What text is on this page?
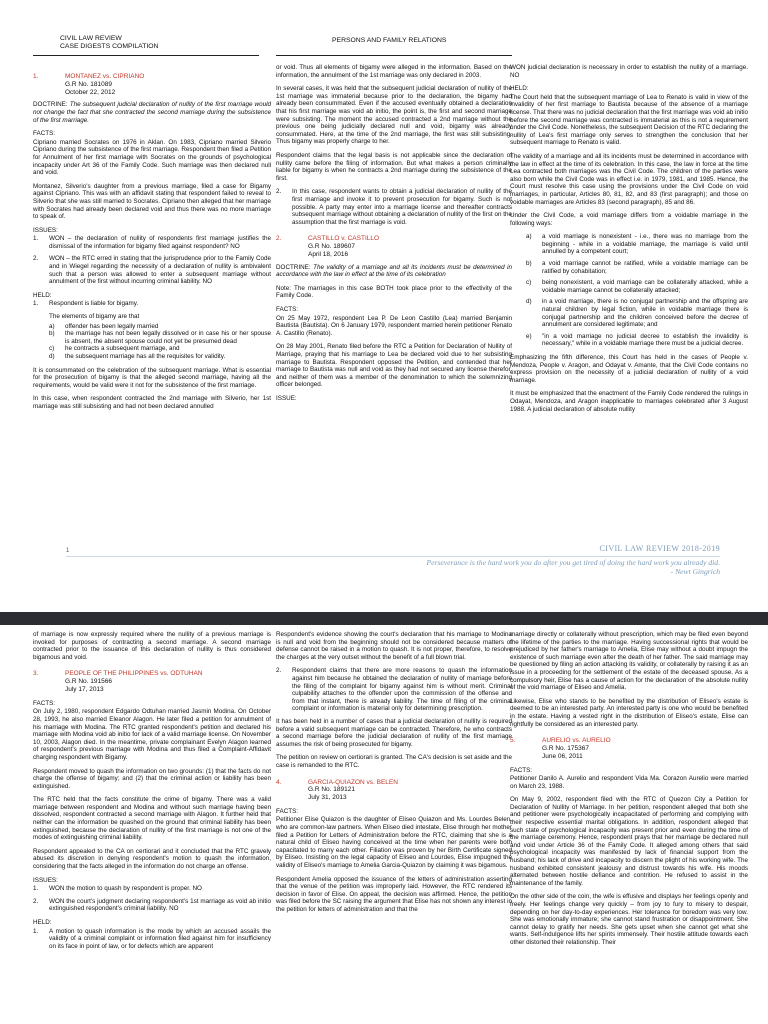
CIVIL LAW REVIEW
CASE DIGESTS COMPILATION
PERSONS AND FAMILY RELATIONS
1.	MONTANEZ vs. CIPRIANO
G.R No. 181089
October 22, 2012
DOCTRINE: The subsequent judicial declaration of nullity of the first marriage would not change the fact that she contracted the second marriage during the subsistence of the first marriage.
FACTS:

Cipriano married Socrates on 1976 in Aklan. On 1983, Cipriano married Silverio Cipriano during the subsistence of the first marriage. Respondent then filed a Petition for Annulment of her first marriage with Socrates on the grounds of psychological incapacity under Art 36 of the Family Code. Such marriage was then declared null and void.

Montanez, Silverio's daughter from a previous marriage, filed a case for Bigamy against Cipriano. This was with an affidavit stating that respondent failed to reveal to Silverio that she was still married to Socrates. Cipriano then alleged that her marriage with Socrates had already been declared void and thus there was no more marriage to speak of.

ISSUES:
1.	WON – the declaration of nullity of respondents first marriage justifies the dismissal of the information for bigamy filed against respondent? NO
2.	WON – the RTC erred in stating that the jurisprudence prior to the Family Code and in Wiegel regarding the necessity of a declaration of nullity is ambivalent such that a person was allowed to enter a subsequent marriage without annulment of the first without incurring criminal liability. NO
HELD:
1.	Respondent is liable for bigamy.
The elements of bigamy are that
a)	offender has been legally married
b)	the marriage has not been legally dissolved or in case his or her spouse is absent, the absent spouse could not yet be presumed dead
c)	he contracts a subsequent marriage, and
d)	the subsequent marriage has all the requisites for validity.

It is consummated on the celebration of the subsequent marriage. What is essential for the prosecution of bigamy is that the alleged second marriage, having all the requirements, would be valid were it not for the subsistence of the first marriage.

In this case, when respondent contracted the 2nd marriage with Silverio, her 1st marriage was still subsisting and had not been declared annulled

or void. Thus all elements of bigamy were alleged in the information. Based on the information, the annulment of the 1st marriage was only declared in 2003.

In several cases, it was held that the subsequent judicial declaration of nullity of the 1st marriage was immaterial because prior to the declaration, the bigamy had already been consummated. Even if the accused eventually obtained a declaration that his first marriage was void ab initio, the point is, the first and second marriage were subsisting. The moment the accused contracted a 2nd marriage without the previous one being judicially declared null and void, bigamy was already consummated. Here, at the time of the 2nd marriage, the first was still subsisting. Thus bigamy was properly charge to her.

Respondent claims that the legal basis is not applicable since the declaration of nullity came before the filing of information. But what makes a person criminally liable for bigamy is when he contracts a 2nd marriage during the subsistence of the first.

2.	In this case, respondent wants to obtain a judicial declaration of nullity of the first marriage and invoke it to prevent prosecution for bigamy. Such is not possible. A party may enter into a marriage license and thereafter contracts subsequent marriage without obtaining a declaration of nullity of the first on the assumption that the first marriage is void.
2.	CASTILLO v. CASTILLO
G.R No. 189607
April 18, 2016
DOCTRINE: The validity of a marriage and all its incidents must be determined in accordance with the law in effect at the time of its celebration

Note: The marriages in this case BOTH took place prior to the effectivity of the Family Code.

FACTS:

On 25 May 1972, respondent Lea P. De Leon Castillo (Lea) married Benjamin Bautista (Bautista). On 6 January 1979, respondent married herein petitioner Renato A. Castillo (Renato).

On 28 May 2001, Renato filed before the RTC a Petition for Declaration of Nullity of Marriage, praying that his marriage to Lea be declared void due to her subsisting marriage to Bautista. Respondent opposed the Petition, and contended that her marriage to Bautista was null and void as they had not secured any license therefor, and neither of them was a member of the denomination to which the solemnizing officer belonged.

ISSUE:

WON judicial declaration is necessary in order to establish the nullity of a marriage. NO

HELD:

The Court held that the subsequent marriage of Lea to Renato is valid in view of the invalidity of her first marriage to Bautista because of the absence of a marriage license. That there was no judicial declaration that the first marriage was void ab initio before the second marriage was contracted is immaterial as this is not a requirement under the Civil Code. Nonetheless, the subsequent Decision of the RTC declaring the nullity of Lea's first marriage only serves to strengthen the conclusion that her subsequent marriage to Renato is valid.

The validity of a marriage and all its incidents must be determined in accordance with the law in effect at the time of its celebration. In this case, the law in force at the time Lea contracted both marriages was the Civil Code. The children of the parties were also born while the Civil Code was in effect i.e. in 1979, 1981, and 1985. Hence, the Court must resolve this case using the provisions under the Civil Code on void marriages, in particular, Articles 80, 81, 82, and 83 (first paragraph); and those on voidable marriages are Articles 83 (second paragraph), 85 and 86.

Under the Civil Code, a void marriage differs from a voidable marriage in the following ways:

a)	a void marriage is nonexistent - i.e., there was no marriage from the beginning - while in a voidable marriage, the marriage is valid until annulled by a competent court;
b)	a void marriage cannot be ratified, while a voidable marriage can be ratified by cohabitation;
c)	being nonexistent, a void marriage can be collaterally attacked, while a voidable marriage cannot be collaterally attacked;
d)	in a void marriage, there is no conjugal partnership and the offspring are natural children by legal fiction, while in voidable marriage there is conjugal partnership and the children conceived before the decree of annulment are considered legitimate; and
e)	"in a void marriage no judicial decree to establish the invalidity is necessary," while in a voidable marriage there must be a judicial decree.

Emphasizing the fifth difference, this Court has held in the cases of People v. Mendoza, People v. Aragon, and Odayat v. Amante, that the Civil Code contains no express provision on the necessity of a judicial declaration of nullity of a void marriage.

It must be emphasized that the enactment of the Family Code rendered the rulings in Odayat, Mendoza, and Aragon inapplicable to marriages celebrated after 3 August 1988. A judicial declaration of absolute nullity

1	CIVIL LAW REVIEW 2018-2019
Perseverance is the hard work you do after you get tired of doing the hard work you already did.
- Newt Gingrich

of marriage is now expressly required where the nullity of a previous marriage is invoked for purposes of contracting a second marriage. A second marriage contracted prior to the issuance of this declaration of nullity is thus considered bigamous and void.

3.	PEOPLE OF THE PHILIPPINES vs. ODTUHAN
G.R No. 191566
July 17, 2013
FACTS:

On July 2, 1980, respondent Edgardo Odtuhan married Jasmin Modina. On October 28, 1993, he also married Eleanor Alagon. He later filed a petition for annulment of his marriage with Modina. The RTC granted respondent's petition and declared his marriage with Modina void ab initio for lack of a valid marriage license. On November 10, 2003, Alagon died. In the meantime, private complainant Evelyn Alagon learned of respondent's previous marriage with Modina and thus filed a Complaint-Affidavit charging respondent with Bigamy.

Respondent moved to quash the information on two grounds: (1) that the facts do not charge the offense of bigamy; and (2) that the criminal action or liability has been extinguished.

The RTC held that the facts constitute the crime of bigamy. There was a valid marriage between respondent and Modina and without such marriage having been dissolved, respondent contracted a second marriage with Alagon. It further held that neither can the information be quashed on the ground that criminal liability has been extinguished, because the declaration of nullity of the first marriage is not one of the modes of extinguishing criminal liability.

Respondent appealed to the CA on certiorari and it concluded that the RTC gravely abused its discretion in denying respondent's motion to quash the information, considering that the facts alleged in the information do not charge an offense.

ISSUES:
1.	WON the motion to quash by respondent is proper. NO
2.	WON the court's judgment declaring respondent's 1st marriage as void ab initio extinguished respondent's criminal liability. NO
HELD:
1.	A motion to quash information is the mode by which an accused assails the validity of a criminal complaint or information filed against him for insufficiency on its face in point of law, or for defects which are apparent

Respondent's evidence showing the court's declaration that his marriage to Modina is null and void from the beginning should not be considered because matters of defense cannot be raised in a motion to quash. It is not proper, therefore, to resolve the charges at the very outset without the benefit of a full blown trial.

2.	Respondent claims that there are more reasons to quash the information against him because he obtained the declaration of nullity of marriage before the filing of the complaint for bigamy against him is without merit. Criminal culpability attaches to the offender upon the commission of the offense and from that instant, there is already liability. The time of filing of the criminal complaint or information is material only for determining prescription.

It has been held in a number of cases that a judicial declaration of nullity is required before a valid subsequent marriage can be contracted. Therefore, he who contracts a second marriage before the judicial declaration of nullity of the first marriage assumes the risk of being prosecuted for bigamy.

The petition on review on certiorari is granted. The CA's decision is set aside and the case is remanded to the RTC.

4.	GARCIA-QUIAZON vs. BELEN
G.R No. 189121
July 31, 2013
FACTS:

Petitioner Elise Quiazon is the daughter of Eliseo Quiazon and Ms. Lourdes Belen, who are common-law partners. When Eliseo died intestate, Elise through her mother filed a Petition for Letters of Administration before the RTC, claiming that she is a natural child of Eliseo having conceived at the time when her parents were both capacitated to marry each other. Filiation was proven by her Birth Certificate signed by Eliseo. Insisting on the legal capacity of Eliseo and Lourdes, Elise impugned the validity of Eliseo's marriage to Amelia Garcia-Quiazon by claiming it was bigamous.

Respondent Amelia opposed the issuance of the letters of administration asserting that the venue of the petition was improperly laid. However, the RTC rendered its decision in favor of Elise. On appeal, the decision was affirmed. Hence, the petition was filed before the SC raising the argument that Elise has not shown any interest in the petition for letters of administration and that the

marriage directly or collaterally without prescription, which may be filed even beyond the lifetime of the parties to the marriage. Having successional rights that would be prejudiced by her father's marriage to Amelia, Elise may without a doubt impugn the existence of such marriage even after the death of her father. The said marriage may be questioned by filing an action attacking its validity, or collaterally by raising it as an issue in a proceeding for the settlement of the estate of the deceased spouse. As a compulsory heir, Elise has a cause of action for the declaration of the absolute nullity of the void marriage of Eliseo and Amelia.

Likewise, Elise who stands to be benefited by the distribution of Eliseo's estate is deemed to be an interested party. An interested party is one who would be benefited in the estate. Having a vested right in the distribution of Eliseo's estate, Elise can rightfully be considered as an interested party.

5.	AURELIO vs. AURELIO
G.R No. 175367
June 06, 2011
FACTS:

Petitioner Danilo A. Aurelio and respondent Vida Ma. Corazon Aurelio were married on March 23, 1988.

On May 9, 2002, respondent filed with the RTC of Quezon City a Petition for Declaration of Nullity of Marriage. In her petition, respondent alleged that both she and petitioner were psychologically incapacitated of performing and complying with their respective essential marital obligations. In addition, respondent alleged that such state of psychological incapacity was present prior and even during the time of the marriage ceremony. Hence, respondent prays that her marriage be declared null and void under Article 36 of the Family Code. It alleged among others that said psychological incapacity was manifested by lack of financial support from the husband; his lack of drive and incapacity to discern the plight of his working wife. The husband exhibited consistent jealousy and distrust towards his wife. His moods alternated between hostile defiance and contrition. He refused to assist in the maintenance of the family.

On the other side of the coin, the wife is effusive and displays her feelings openly and freely. Her feelings change very quickly – from joy to fury to misery to despair, depending on her day-to-day experiences. Her tolerance for boredom was very low. She was emotionally immature; she cannot stand frustration or disappointment. She cannot delay to gratify her needs. She gets upset when she cannot get what she wants. Self-indulgence lifts her spirits immensely. Their hostile attitude towards each other distorted their relationship. Their
